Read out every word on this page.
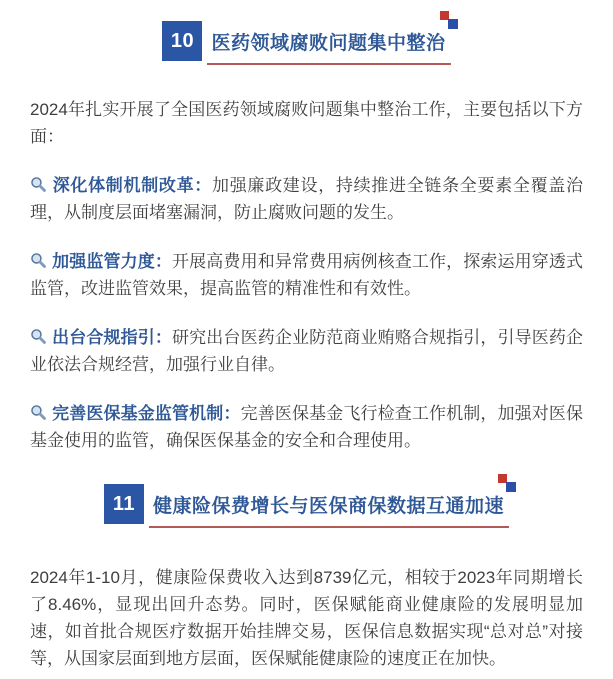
10 医药领域腐败问题集中整治

2024年扎实开展了全国医药领域腐败问题集中整治工作，主要包括以下方面：

深化体制机制改革：加强廉政建设，持续推进全链条全要素全覆盖治理，从制度层面堵塞漏洞，防止腐败问题的发生。

加强监管力度：开展高费用和异常费用病例核查工作，探索运用穿透式监管，改进监管效果，提高监管的精准性和有效性。

出台合规指引：研究出台医药企业防范商业贿赂合规指引，引导医药企业依法合规经营，加强行业自律。

完善医保基金监管机制：完善医保基金飞行检查工作机制，加强对医保基金使用的监管，确保医保基金的安全和合理使用。

11 健康险保费增长与医保商保数据互通加速

2024年1-10月，健康险保费收入达到8739亿元，相较于2023年同期增长了8.46%，显现出回升态势。同时，医保赋能商业健康险的发展明显加速，如首批合规医疗数据开始挂牌交易，医保信息数据实现“总对总”对接等，从国家层面到地方层面，医保赋能健康险的速度正在加快。
